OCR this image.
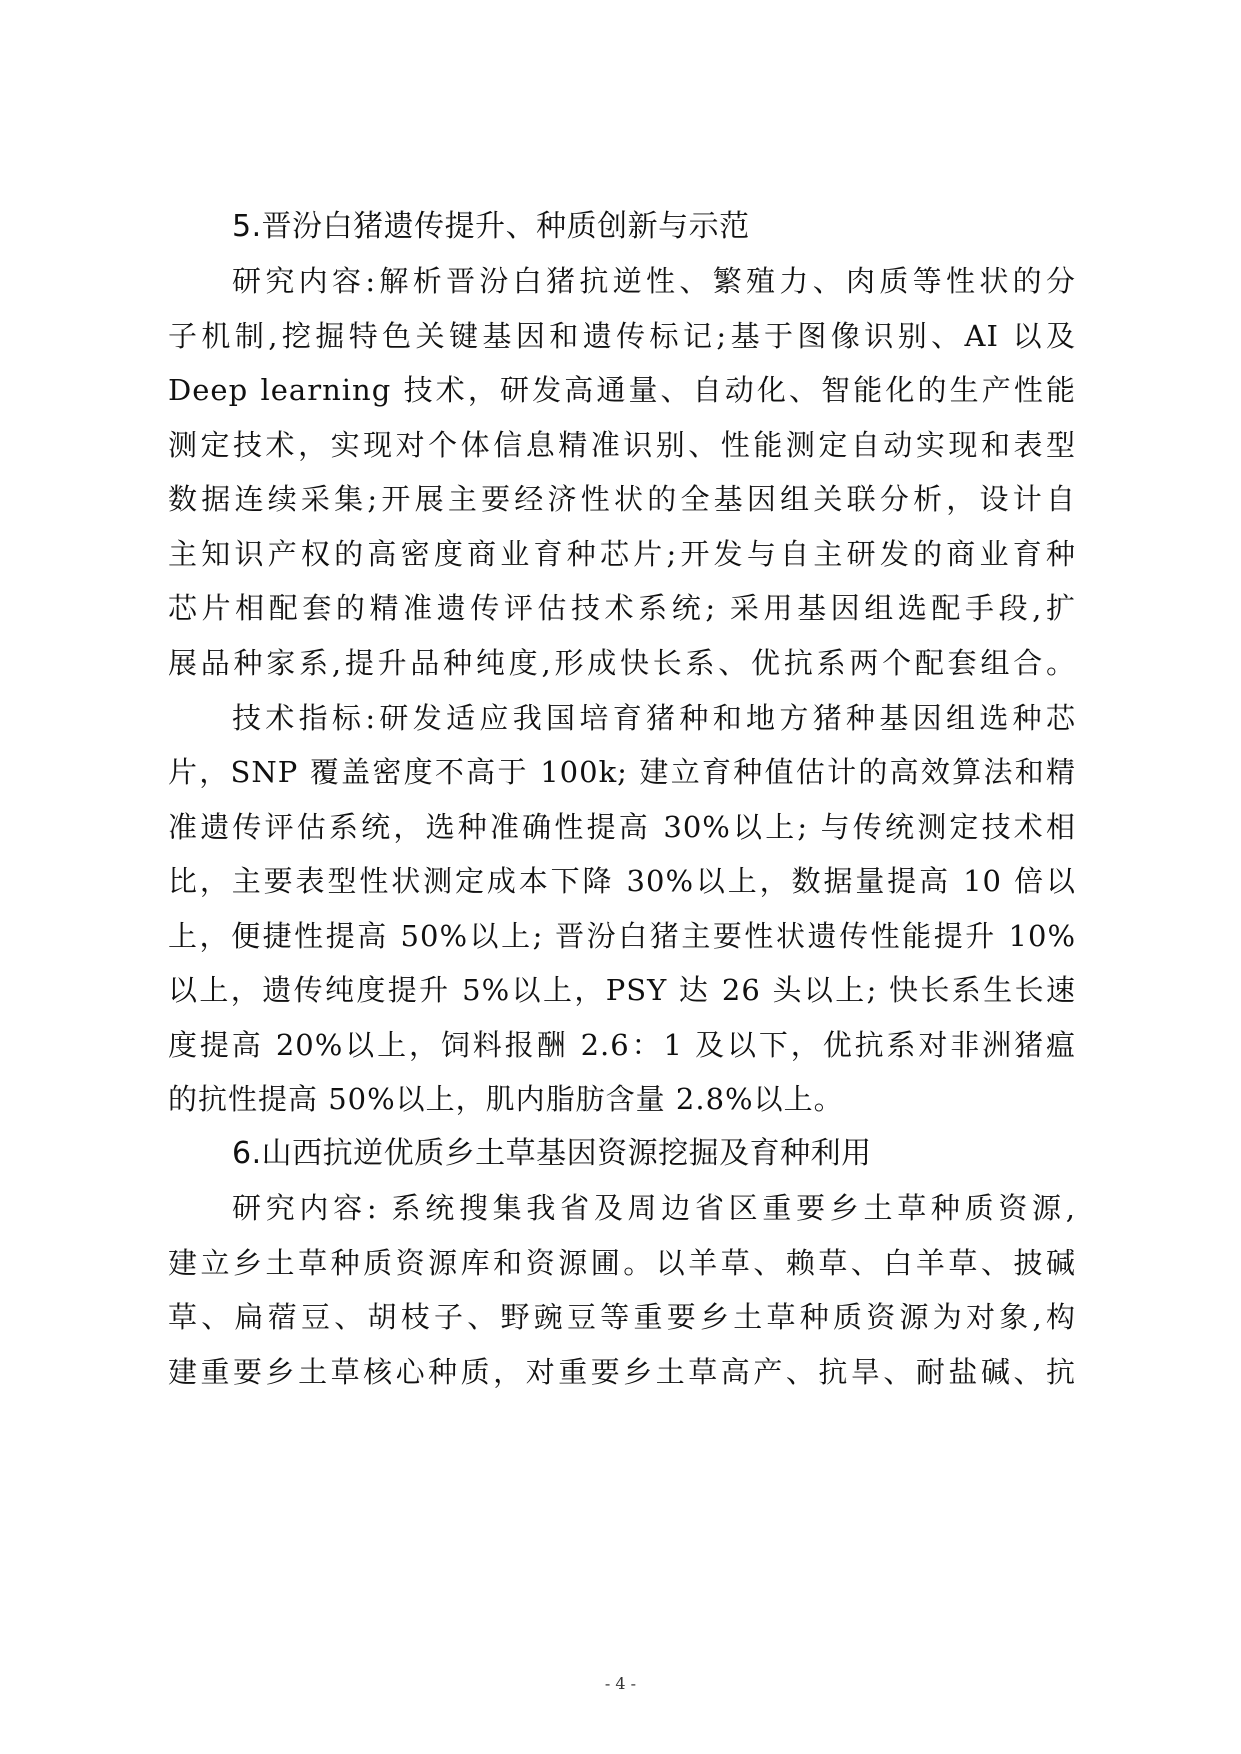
5.晋汾白猪遗传提升、种质创新与示范
研究内容:解析晋汾白猪抗逆性、繁殖力、肉质等性状的分
子机制,挖掘特色关键基因和遗传标记;基于图像识别、AI 以及
Deep learning 技术，研发高通量、自动化、智能化的生产性能
测定技术，实现对个体信息精准识别、性能测定自动实现和表型
数据连续采集;开展主要经济性状的全基因组关联分析，设计自
主知识产权的高密度商业育种芯片;开发与自主研发的商业育种
芯片相配套的精准遗传评估技术系统; 采用基因组选配手段,扩
展品种家系,提升品种纯度,形成快长系、优抗系两个配套组合。
技术指标:研发适应我国培育猪种和地方猪种基因组选种芯
片，SNP 覆盖密度不高于 100k; 建立育种值估计的高效算法和精
准遗传评估系统，选种准确性提高 30%以上; 与传统测定技术相
比，主要表型性状测定成本下降 30%以上，数据量提高 10 倍以
上，便捷性提高 50%以上; 晋汾白猪主要性状遗传性能提升 10%
以上，遗传纯度提升 5%以上，PSY 达 26 头以上; 快长系生长速
度提高 20%以上，饲料报酬 2.6：1 及以下，优抗系对非洲猪瘟
的抗性提高 50%以上，肌内脂肪含量 2.8%以上。
6.山西抗逆优质乡土草基因资源挖掘及育种利用
研究内容: 系统搜集我省及周边省区重要乡土草种质资源,
建立乡土草种质资源库和资源圃。以羊草、赖草、白羊草、披碱
草、扁蓿豆、胡枝子、野豌豆等重要乡土草种质资源为对象,构
建重要乡土草核心种质，对重要乡土草高产、抗旱、耐盐碱、抗
- 4 -
